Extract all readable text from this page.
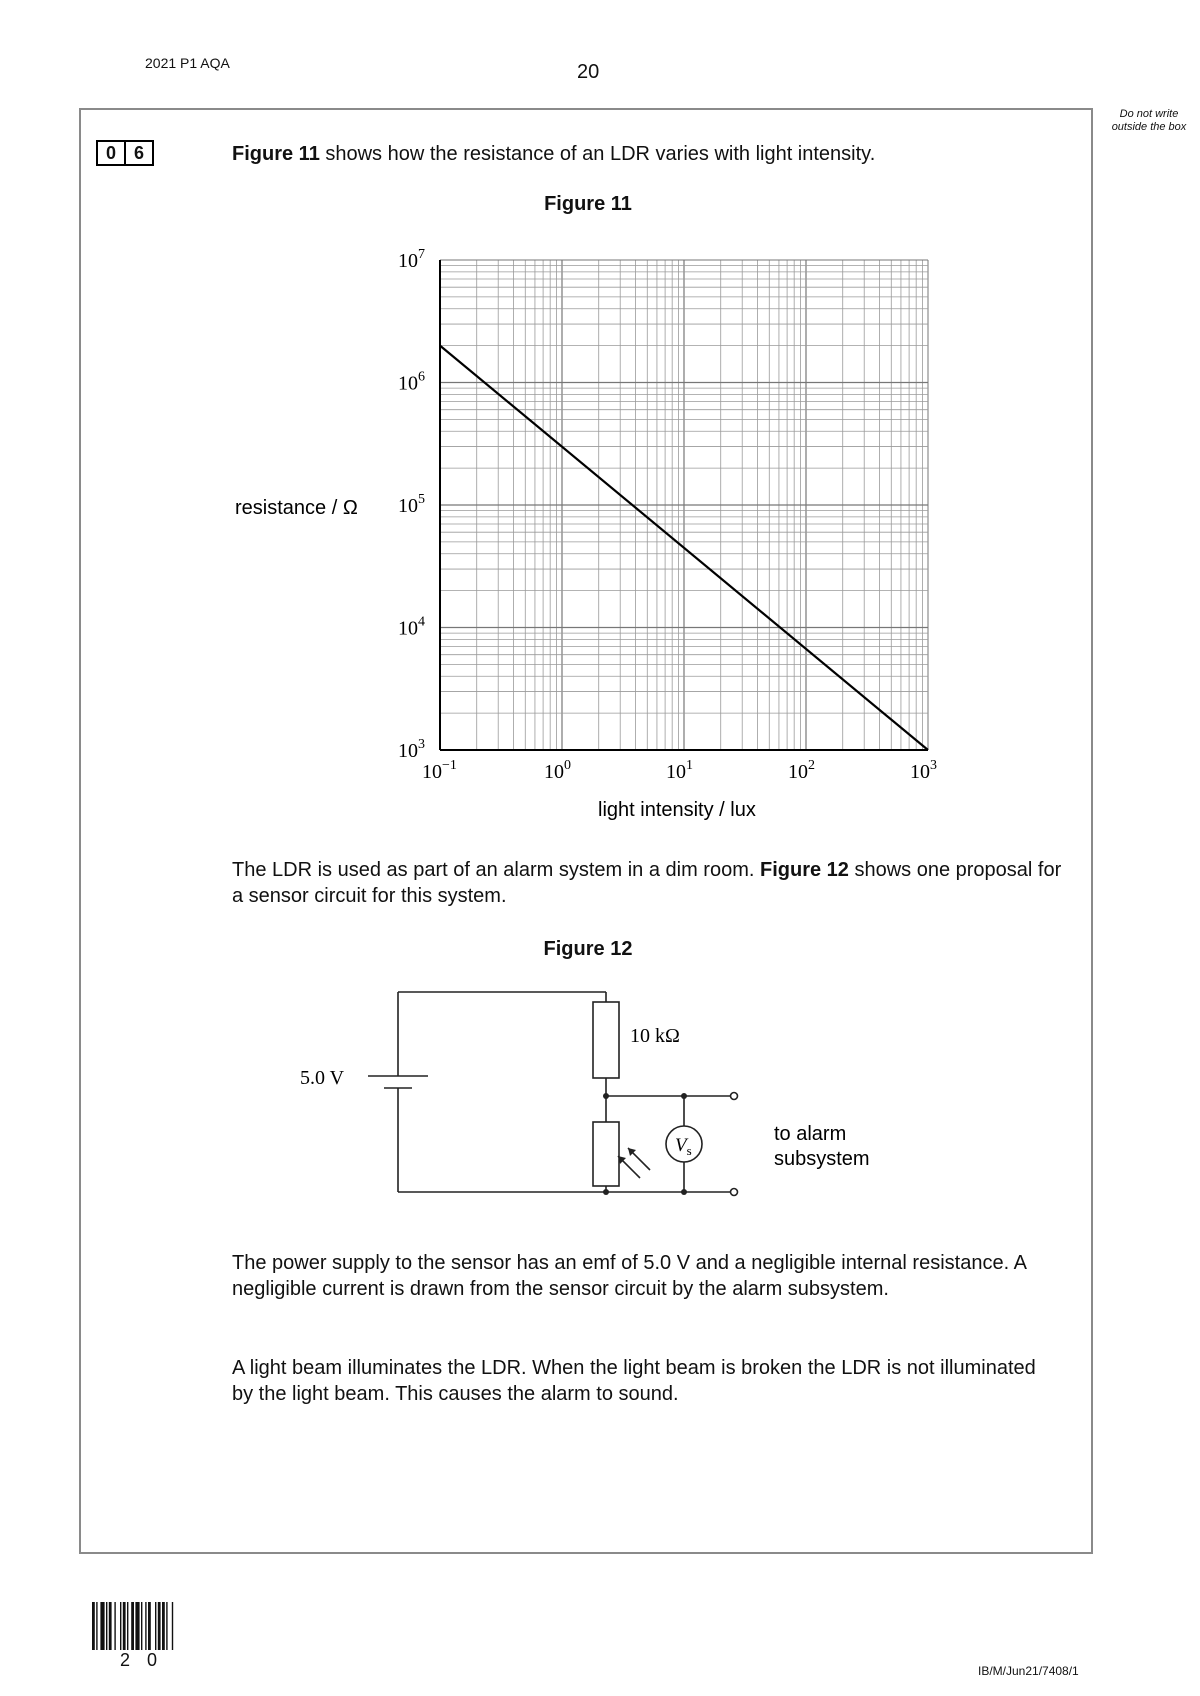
2021 P1 AQA	20
Do not write outside the box
0 6	Figure 11 shows how the resistance of an LDR varies with light intensity.
Figure 11
$10^{-1}$	$10^0$	$10^1$	$10^2$	$10^3$
$10^3$
$10^4$
$10^5$
$10^6$
$10^7$
resistance / Ω
light intensity / lux
The LDR is used as part of an alarm system in a dim room. Figure 12 shows one proposal for a sensor circuit for this system.
Figure 12
5.0 V
10 kΩ
$V_s$
to alarm
subsystem
The power supply to the sensor has an emf of 5.0 V and a negligible internal resistance. A negligible current is drawn from the sensor circuit by the alarm subsystem.
A light beam illuminates the LDR. When the light beam is broken the LDR is not illuminated by the light beam. This causes the alarm to sound.
2 0
IB/M/Jun21/7408/1
